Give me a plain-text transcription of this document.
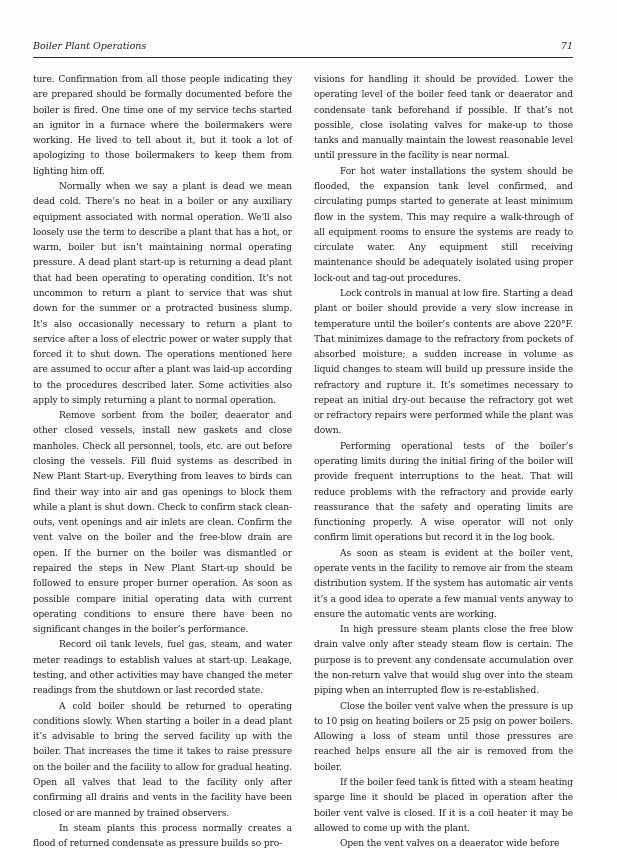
Boiler Plant Operations	71

ture. Confirmation from all those people indicating they are prepared should be formally documented before the boiler is fired. One time one of my service techs started an ignitor in a furnace where the boilermakers were working. He lived to tell about it, but it took a lot of apologizing to those boilermakers to keep them from lighting him off.

Normally when we say a plant is dead we mean dead cold. There’s no heat in a boiler or any auxiliary equipment associated with normal operation. We’ll also loosely use the term to describe a plant that has a hot, or warm, boiler but isn’t maintaining normal operating pressure. A dead plant start-up is returning a dead plant that had been operating to operating condition. It’s not uncommon to return a plant to service that was shut down for the summer or a protracted business slump. It’s also occasionally necessary to return a plant to service after a loss of electric power or water supply that forced it to shut down. The operations mentioned here are assumed to occur after a plant was laid-up according to the procedures described later. Some activities also apply to simply returning a plant to normal operation.

Remove sorbent from the boiler, deaerator and other closed vessels, install new gaskets and close manholes. Check all personnel, tools, etc. are out before closing the vessels. Fill fluid systems as described in New Plant Start-up. Everything from leaves to birds can find their way into air and gas openings to block them while a plant is shut down. Check to confirm stack clean-outs, vent openings and air inlets are clean. Confirm the vent valve on the boiler and the free-blow drain are open. If the burner on the boiler was dismantled or repaired the steps in New Plant Start-up should be followed to ensure proper burner operation. As soon as possible compare initial operating data with current operating conditions to ensure there have been no significant changes in the boiler’s performance.

Record oil tank levels, fuel gas, steam, and water meter readings to establish values at start-up. Leakage, testing, and other activities may have changed the meter readings from the shutdown or last recorded state.

A cold boiler should be returned to operating conditions slowly. When starting a boiler in a dead plant it’s advisable to bring the served facility up with the boiler. That increases the time it takes to raise pressure on the boiler and the facility to allow for gradual heating. Open all valves that lead to the facility only after confirming all drains and vents in the facility have been closed or are manned by trained observers.

In steam plants this process normally creates a flood of returned condensate as pressure builds so pro-

visions for handling it should be provided. Lower the operating level of the boiler feed tank or deaerator and condensate tank beforehand if possible. If that’s not possible, close isolating valves for make-up to those tanks and manually maintain the lowest reasonable level until pressure in the facility is near normal.

For hot water installations the system should be flooded, the expansion tank level confirmed, and circulating pumps started to generate at least minimum flow in the system. This may require a walk-through of all equipment rooms to ensure the systems are ready to circulate water. Any equipment still receiving maintenance should be adequately isolated using proper lock-out and tag-out procedures.

Lock controls in manual at low fire. Starting a dead plant or boiler should provide a very slow increase in temperature until the boiler’s contents are above 220°F. That minimizes damage to the refractory from pockets of absorbed moisture; a sudden increase in volume as liquid changes to steam will build up pressure inside the refractory and rupture it. It’s sometimes necessary to repeat an initial dry-out because the refractory got wet or refractory repairs were performed while the plant was down.

Performing operational tests of the boiler’s operating limits during the initial firing of the boiler will provide frequent interruptions to the heat. That will reduce problems with the refractory and provide early reassurance that the safety and operating limits are functioning properly. A wise operator will not only confirm limit operations but record it in the log book.

As soon as steam is evident at the boiler vent, operate vents in the facility to remove air from the steam distribution system. If the system has automatic air vents it’s a good idea to operate a few manual vents anyway to ensure the automatic vents are working.

In high pressure steam plants close the free blow drain valve only after steady steam flow is certain. The purpose is to prevent any condensate accumulation over the non-return valve that would slug over into the steam piping when an interrupted flow is re-established.

Close the boiler vent valve when the pressure is up to 10 psig on heating boilers or 25 psig on power boilers. Allowing a loss of steam until those pressures are reached helps ensure all the air is removed from the boiler.

If the boiler feed tank is fitted with a steam heating sparge line it should be placed in operation after the boiler vent valve is closed. If it is a coil heater it may be allowed to come up with the plant.

Open the vent valves on a deaerator wide before
